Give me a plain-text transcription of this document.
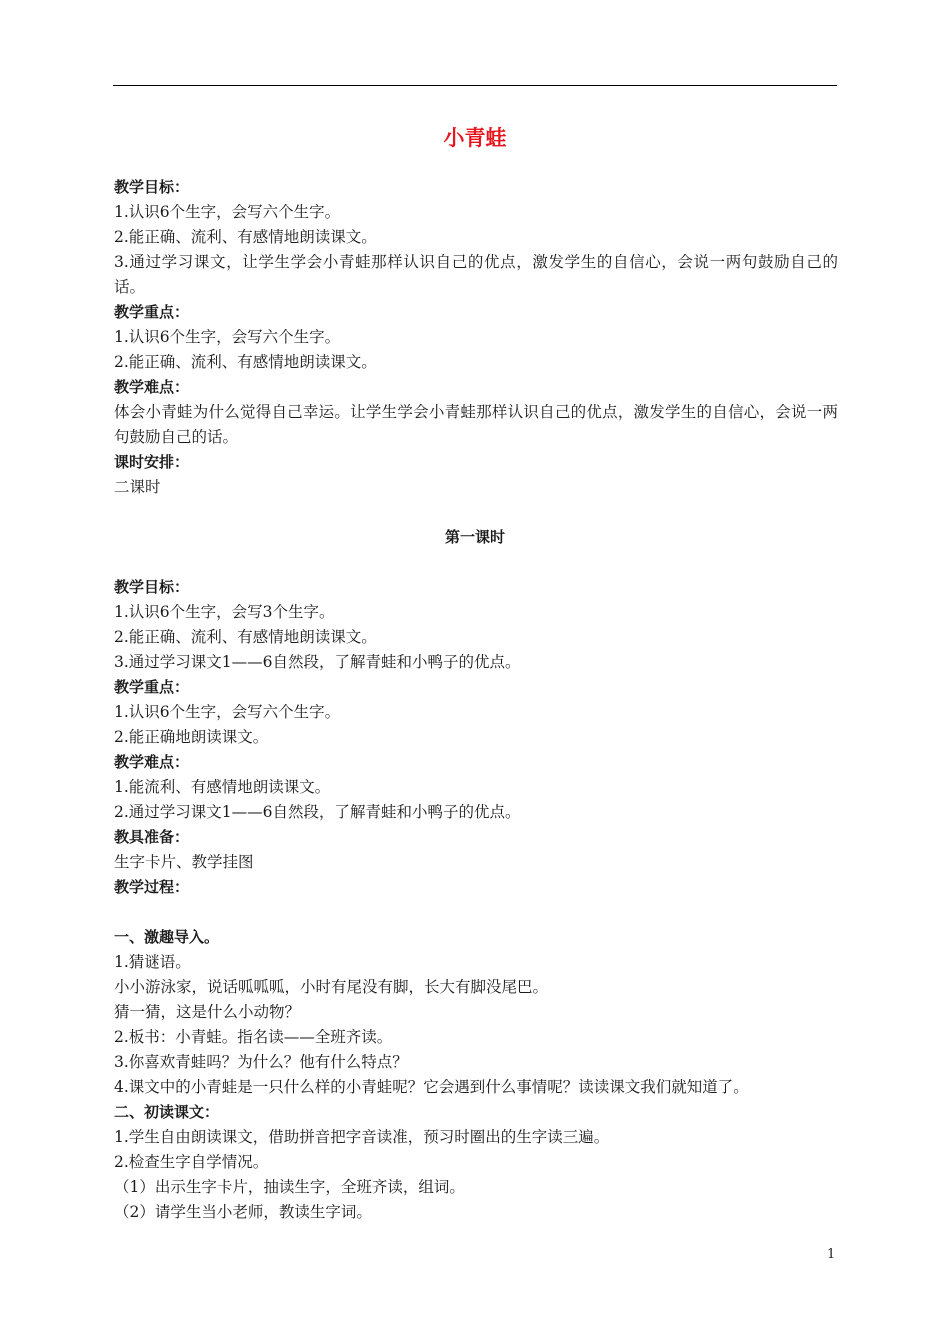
小青蛙

教学目标：

1.认识6个生字，会写六个生字。

2.能正确、流利、有感情地朗读课文。

3.通过学习课文，让学生学会小青蛙那样认识自己的优点，激发学生的自信心，会说一两句鼓励自己的话。

教学重点：

1.认识6个生字，会写六个生字。

2.能正确、流利、有感情地朗读课文。

教学难点：

体会小青蛙为什么觉得自己幸运。让学生学会小青蛙那样认识自己的优点，激发学生的自信心，会说一两句鼓励自己的话。

课时安排：

二课时

第一课时

教学目标：

1.认识6个生字，会写3个生字。

2.能正确、流利、有感情地朗读课文。

3.通过学习课文1——6自然段，了解青蛙和小鸭子的优点。

教学重点：

1.认识6个生字，会写六个生字。

2.能正确地朗读课文。

教学难点：

1.能流利、有感情地朗读课文。

2.通过学习课文1——6自然段，了解青蛙和小鸭子的优点。

教具准备：

生字卡片、教学挂图

教学过程：

一、激趣导入。

1.猜谜语。

小小游泳家，说话呱呱呱，小时有尾没有脚，长大有脚没尾巴。

猜一猜，这是什么小动物？

2.板书：小青蛙。指名读——全班齐读。

3.你喜欢青蛙吗？为什么？他有什么特点？

4.课文中的小青蛙是一只什么样的小青蛙呢？它会遇到什么事情呢？读读课文我们就知道了。

二、初读课文：

1.学生自由朗读课文，借助拼音把字音读准，预习时圈出的生字读三遍。

2.检查生字自学情况。

（1）出示生字卡片，抽读生字，全班齐读，组词。

（2）请学生当小老师，教读生字词。

1
